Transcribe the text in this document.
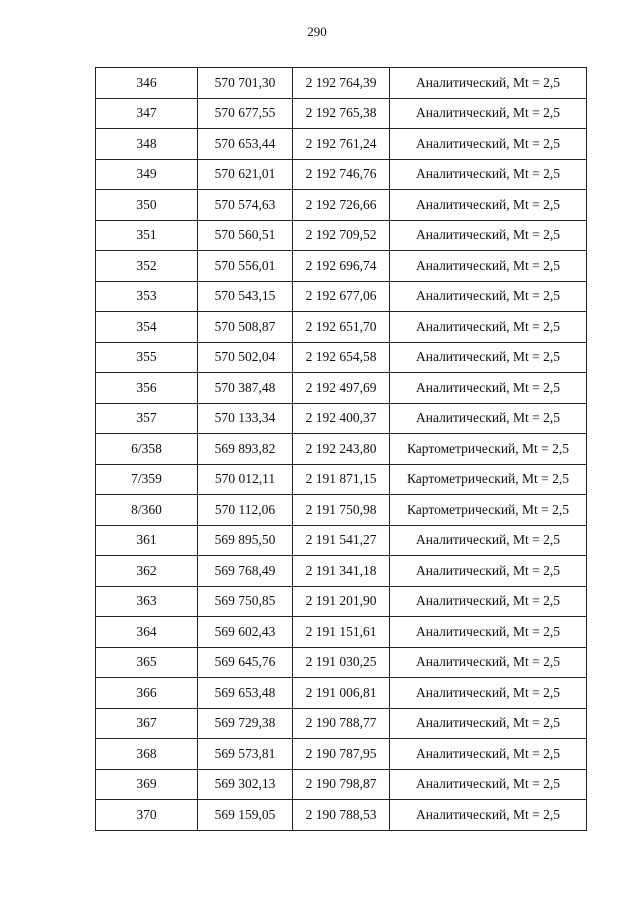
290
346	570 701,30	2 192 764,39	Аналитический, Mt = 2,5
347	570 677,55	2 192 765,38	Аналитический, Mt = 2,5
348	570 653,44	2 192 761,24	Аналитический, Mt = 2,5
349	570 621,01	2 192 746,76	Аналитический, Mt = 2,5
350	570 574,63	2 192 726,66	Аналитический, Mt = 2,5
351	570 560,51	2 192 709,52	Аналитический, Mt = 2,5
352	570 556,01	2 192 696,74	Аналитический, Mt = 2,5
353	570 543,15	2 192 677,06	Аналитический, Mt = 2,5
354	570 508,87	2 192 651,70	Аналитический, Mt = 2,5
355	570 502,04	2 192 654,58	Аналитический, Mt = 2,5
356	570 387,48	2 192 497,69	Аналитический, Mt = 2,5
357	570 133,34	2 192 400,37	Аналитический, Mt = 2,5
6/358	569 893,82	2 192 243,80	Картометрический, Mt = 2,5
7/359	570 012,11	2 191 871,15	Картометрический, Mt = 2,5
8/360	570 112,06	2 191 750,98	Картометрический, Mt = 2,5
361	569 895,50	2 191 541,27	Аналитический, Mt = 2,5
362	569 768,49	2 191 341,18	Аналитический, Mt = 2,5
363	569 750,85	2 191 201,90	Аналитический, Mt = 2,5
364	569 602,43	2 191 151,61	Аналитический, Mt = 2,5
365	569 645,76	2 191 030,25	Аналитический, Mt = 2,5
366	569 653,48	2 191 006,81	Аналитический, Mt = 2,5
367	569 729,38	2 190 788,77	Аналитический, Mt = 2,5
368	569 573,81	2 190 787,95	Аналитический, Mt = 2,5
369	569 302,13	2 190 798,87	Аналитический, Mt = 2,5
370	569 159,05	2 190 788,53	Аналитический, Mt = 2,5
